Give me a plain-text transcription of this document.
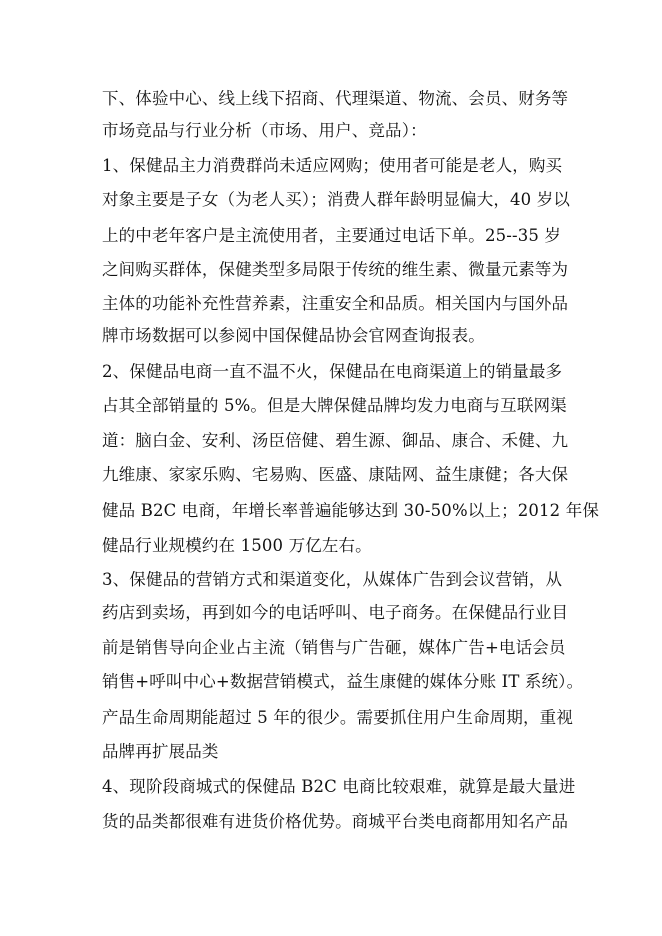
下、体验中心、线上线下招商、代理渠道、物流、会员、财务等
市场竞品与行业分析（市场、用户、竞品）：
1、保健品主力消费群尚未适应网购；使用者可能是老人，购买
对象主要是子女（为老人买）；消费人群年龄明显偏大，40 岁以
上的中老年客户是主流使用者，主要通过电话下单。25--35 岁
之间购买群体，保健类型多局限于传统的维生素、微量元素等为
主体的功能补充性营养素，注重安全和品质。相关国内与国外品
牌市场数据可以参阅中国保健品协会官网查询报表。
2、保健品电商一直不温不火，保健品在电商渠道上的销量最多
占其全部销量的 5%。但是大牌保健品牌均发力电商与互联网渠
道：脑白金、安利、汤臣倍健、碧生源、御品、康合、禾健、九
九维康、家家乐购、宅易购、医盛、康陆网、益生康健；各大保
健品 B2C 电商，年增长率普遍能够达到 30-50%以上；2012 年保
健品行业规模约在 1500 万亿左右。
3、保健品的营销方式和渠道变化，从媒体广告到会议营销，从
药店到卖场，再到如今的电话呼叫、电子商务。在保健品行业目
前是销售导向企业占主流（销售与广告砸，媒体广告+电话会员
销售+呼叫中心+数据营销模式，益生康健的媒体分账 IT 系统）。
产品生命周期能超过 5 年的很少。需要抓住用户生命周期，重视
品牌再扩展品类
4、现阶段商城式的保健品 B2C 电商比较艰难，就算是最大量进
货的品类都很难有进货价格优势。商城平台类电商都用知名产品
